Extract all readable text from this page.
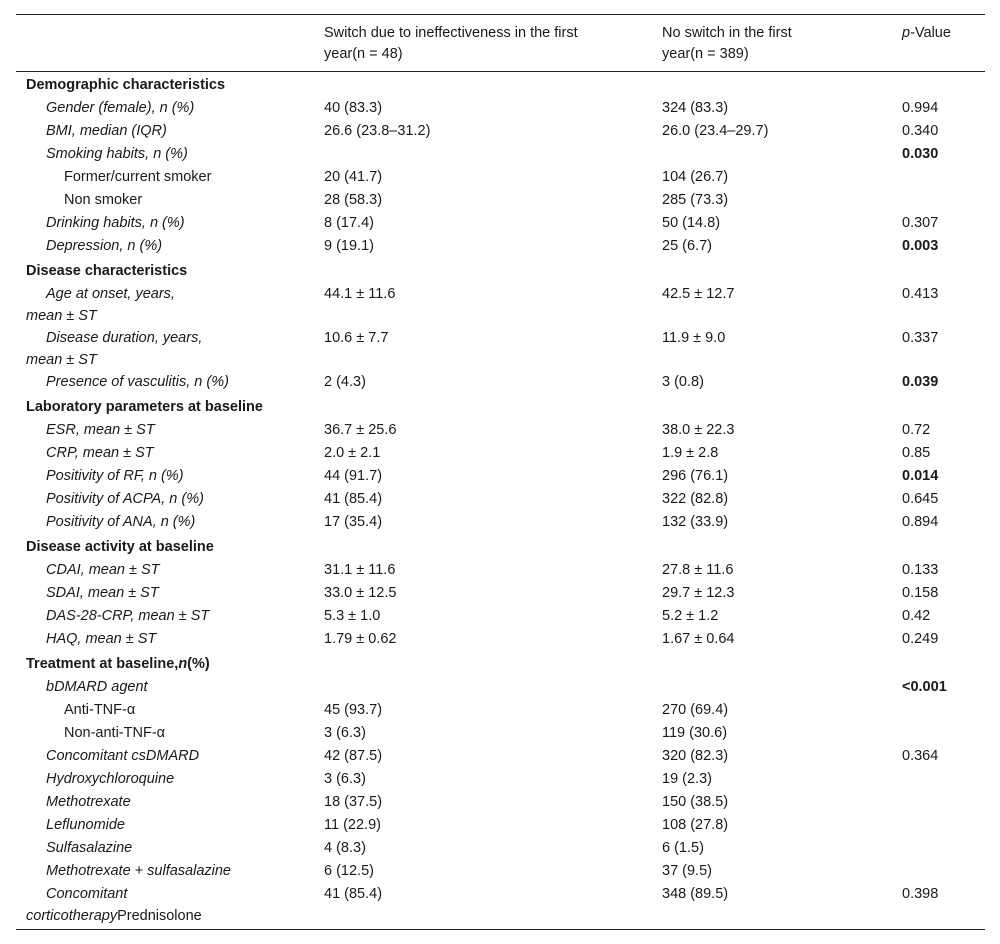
	Switch due to ineffectiveness in the first
year(n = 48)	No switch in the first
year(n = 389)	p-Value
Demographic characteristics			
Gender (female), n (%)	40 (83.3)	324 (83.3)	0.994
BMI, median (IQR)	26.6 (23.8–31.2)	26.0 (23.4–29.7)	0.340
Smoking habits, n (%)			0.030
Former/current smoker	20 (41.7)	104 (26.7)	
Non smoker	28 (58.3)	285 (73.3)	
Drinking habits, n (%)	8 (17.4)	50 (14.8)	0.307
Depression, n (%)	9 (19.1)	25 (6.7)	0.003
Disease characteristics			
Age at onset, years,
mean ± ST	44.1 ± 11.6	42.5 ± 12.7	0.413
Disease duration, years,
mean ± ST	10.6 ± 7.7	11.9 ± 9.0	0.337
Presence of vasculitis, n (%)	2 (4.3)	3 (0.8)	0.039
Laboratory parameters at baseline			
ESR, mean ± ST	36.7 ± 25.6	38.0 ± 22.3	0.72
CRP, mean ± ST	2.0 ± 2.1	1.9 ± 2.8	0.85
Positivity of RF, n (%)	44 (91.7)	296 (76.1)	0.014
Positivity of ACPA, n (%)	41 (85.4)	322 (82.8)	0.645
Positivity of ANA, n (%)	17 (35.4)	132 (33.9)	0.894
Disease activity at baseline			
CDAI, mean ± ST	31.1 ± 11.6	27.8 ± 11.6	0.133
SDAI, mean ± ST	33.0 ± 12.5	29.7 ± 12.3	0.158
DAS-28-CRP, mean ± ST	5.3 ± 1.0	5.2 ± 1.2	0.42
HAQ, mean ± ST	1.79 ± 0.62	1.67 ± 0.64	0.249
Treatment at baseline,n(%)			
bDMARD agent			<0.001
Anti-TNF-α	45 (93.7)	270 (69.4)	
Non-anti-TNF-α	3 (6.3)	119 (30.6)	
Concomitant csDMARD	42 (87.5)	320 (82.3)	0.364
Hydroxychloroquine	3 (6.3)	19 (2.3)	
Methotrexate	18 (37.5)	150 (38.5)	
Leflunomide	11 (22.9)	108 (27.8)	
Sulfasalazine	4 (8.3)	6 (1.5)	
Methotrexate + sulfasalazine	6 (12.5)	37 (9.5)	
Concomitant
corticotherapyPrednisolone	41 (85.4)	348 (89.5)	0.398
